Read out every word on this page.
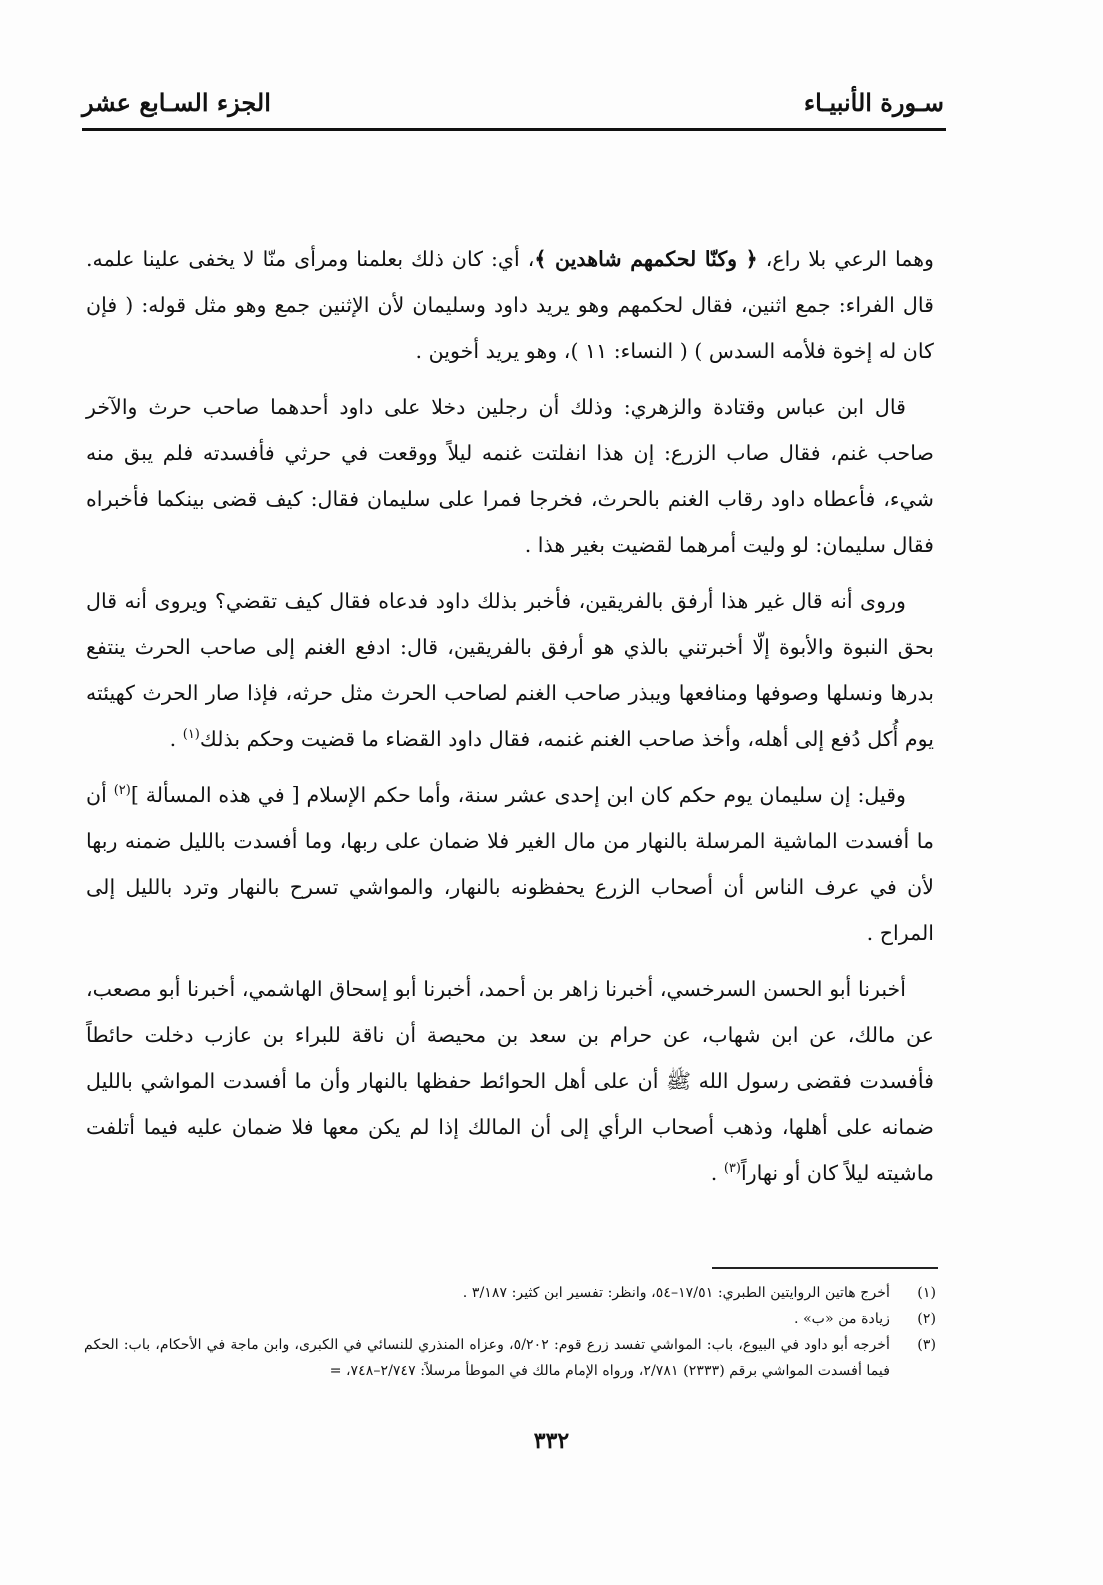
سـورة الأنبيـاء
الجزء السـابع عشر

وهما الرعي بلا راع، ﴿ وكنّا لحكمهم شاهدين ﴾، أي: كان ذلك بعلمنا ومرأى منّا لا يخفى علينا علمه. قال الفراء: جمع اثنين، فقال لحكمهم وهو يريد داود وسليمان لأن الإثنين جمع وهو مثل قوله: ( فإن كان له إخوة فلأمه السدس ) ( النساء: ١١ )، وهو يريد أخوين .

قال ابن عباس وقتادة والزهري: وذلك أن رجلين دخلا على داود أحدهما صاحب حرث والآخر صاحب غنم، فقال صاب الزرع: إن هذا انفلتت غنمه ليلاً ووقعت في حرثي فأفسدته فلم يبق منه شيء، فأعطاه داود رقاب الغنم بالحرث، فخرجا فمرا على سليمان فقال: كيف قضى بينكما فأخبراه فقال سليمان: لو وليت أمرهما لقضيت بغير هذا .

وروى أنه قال غير هذا أرفق بالفريقين، فأخبر بذلك داود فدعاه فقال كيف تقضي؟ ويروى أنه قال بحق النبوة والأبوة إلّا أخبرتني بالذي هو أرفق بالفريقين، قال: ادفع الغنم إلى صاحب الحرث ينتفع بدرها ونسلها وصوفها ومنافعها ويبذر صاحب الغنم لصاحب الحرث مثل حرثه، فإذا صار الحرث كهيئته يوم أُكل دُفع إلى أهله، وأخذ صاحب الغنم غنمه، فقال داود القضاء ما قضيت وحكم بذلك$^{(١)}$ .

وقيل: إن سليمان يوم حكم كان ابن إحدى عشر سنة، وأما حكم الإسلام [ في هذه المسألة ]$^{(٢)}$ أن ما أفسدت الماشية المرسلة بالنهار من مال الغير فلا ضمان على ربها، وما أفسدت بالليل ضمنه ربها لأن في عرف الناس أن أصحاب الزرع يحفظونه بالنهار، والمواشي تسرح بالنهار وترد بالليل إلى المراح .

أخبرنا أبو الحسن السرخسي، أخبرنا زاهر بن أحمد، أخبرنا أبو إسحاق الهاشمي، أخبرنا أبو مصعب، عن مالك، عن ابن شهاب، عن حرام بن سعد بن محيصة أن ناقة للبراء بن عازب دخلت حائطاً فأفسدت فقضى رسول الله ﷺ أن على أهل الحوائط حفظها بالنهار وأن ما أفسدت المواشي بالليل ضمانه على أهلها، وذهب أصحاب الرأي إلى أن المالك إذا لم يكن معها فلا ضمان عليه فيما أتلفت ماشيته ليلاً كان أو نهاراً$^{(٣)}$ .

(١)
أخرج هاتين الروايتين الطبري: ١٧/٥١–٥٤، وانظر: تفسير ابن كثير: ٣/١٨٧ .
(٢)
زيادة من «ب» .
(٣)
أخرجه أبو داود في البيوع، باب: المواشي تفسد زرع قوم: ٥/٢٠٢، وعزاه المنذري للنسائي في الكبرى، وابن ماجة في الأحكام، باب: الحكم فيما أفسدت المواشي برقم (٢٣٣٣) ٢/٧٨١، ورواه الإمام مالك في الموطأ مرسلاً: ٢/٧٤٧–٧٤٨، =
٣٣٢
